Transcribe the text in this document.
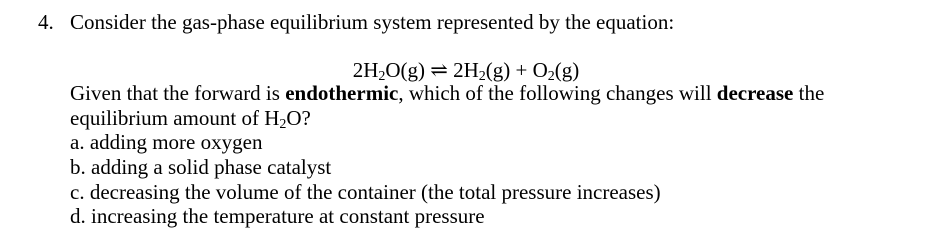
4. Consider the gas-phase equilibrium system represented by the equation:
$2H_2O(g)$ ⇌ $2H_2(g) + O_2(g)$
Given that the forward is endothermic, which of the following changes will decrease the
equilibrium amount of $H_2O$?
a. adding more oxygen
b. adding a solid phase catalyst
c. decreasing the volume of the container (the total pressure increases)
d. increasing the temperature at constant pressure
